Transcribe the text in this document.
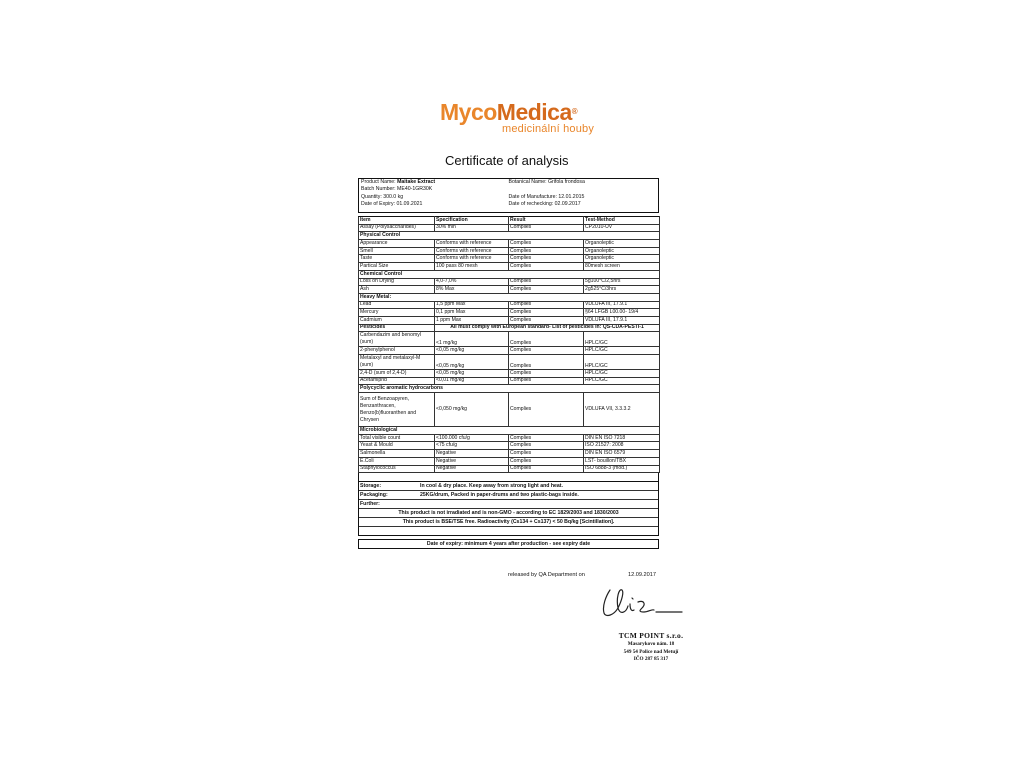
MycoMedica®
medicinální houby
Certificate of analysis
Product Name: Maitake Extract	Botanical Name: Grifola frondosa
Batch Number: ME40-1GR30K
Quantity: 300.0 kg	Date of Manufacture: 12.01.2015
Date of Expiry: 01.09.2021	Date of rechecking: 02.09.2017
Item	Specification	Result	Test-Method
Assay (Polysaccharides)	30% min	Complies	CP2010-UV
Physical Control			
Appearance	Conforms with reference	Complies	Organoleptic
Smell	Conforms with reference	Complies	Organoleptic
Taste	Conforms with reference	Complies	Organoleptic
Partical Size	100 pass 80 mesh	Complies	80mesh screen
Chemical Control			
Loss on Drying	4,0-7,0%	Complies	5g100°C/2,5hrs
Ash	8% Max	Complies	2g525°C/3hrs
Heavy Metal:			
Lead	1,5 ppm Max	Complies	VDLUFA III, 17.9.1
Mercury	0,1 ppm Max	Complies	§64 LFGB L00.00- 19/4
Cadmium	1 ppm Max	Complies	VDLUFA III, 17.9.1
Pesticides	All must comply with European standard- List of pesticides in: QS-CDA-PESTI-1		
Carbendazim and benomyl (sum)	<1 mg/kg	Complies	HPLC/GC
2-phenylphenol	<0,05 mg/kg	Complies	HPLC/GC
Metalaxyl and metalaxyl-M (sum)	<0,05 mg/kg	Complies	HPLC/GC
2,4-D (sum of 2,4-D)	<0,05 mg/kg	Complies	HPLC/GC
Acetamiprid	<0,01 mg/kg	Complies	HPLC/GC
Polycyclic aromatic hydrocarbons			
Sum of Benzoapyren, Benzanthracen, Benzo(b)fluoranthen and Chrysen	<0,050 mg/kg	Complies	VDLUFA VII, 3.3.3.2
Microbiological			
Total visible count	<100.000 cfu/g	Complies	DIN EN ISO 7218
Yeast & Mould	<75 cfu/g	Complies	ISO 21527: 2008
Salmonella	Negative	Complies	DIN EN ISO 6579
E.Coli	Negative	Complies	LST- bouillon/TBX
Staphylococcus	Negative	Complies	ISO 6888-3 (mod.)
Storage:	In cool & dry place. Keep away from strong light and heat.
Packaging:	25KG/drum, Packed in paper-drums and two plastic-bags inside.
Further:
This product is not irradiated and is non-GMO - according to EC 1829/2003 and 1830/2003
This product is BSE/TSE free. Radioactivity (Cs134 + Cs137) < 50 Bq/kg [Scintillation].
Date of expiry: minimum 4 years after production - see expiry date
released by QA Department on	12.09.2017
TCM POINT s.r.o.
Masarykovo nám. 18
549 54 Police nad Metují
IČO 287 85 317
